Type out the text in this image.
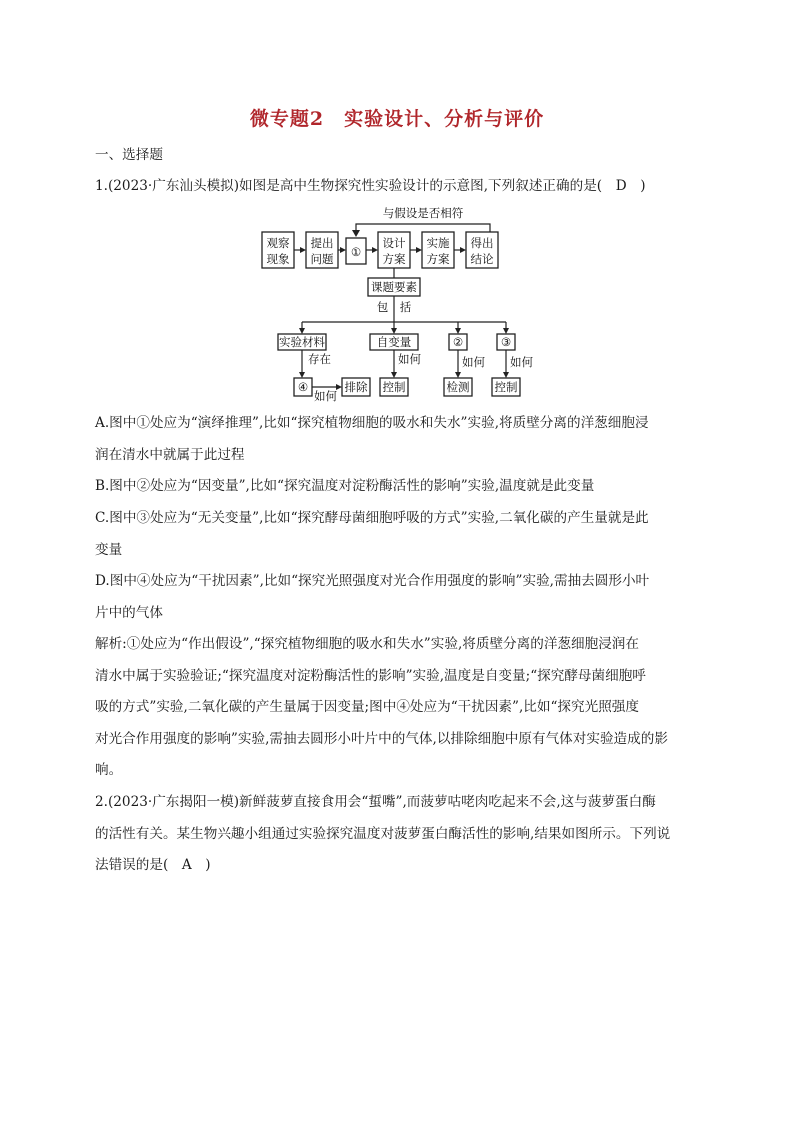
微专题2　实验设计、分析与评价
一、选择题
1.(2023·广东汕头模拟)如图是高中生物探究性实验设计的示意图,下列叙述正确的是(　D　)
与假设是否相符
观察
现象
提出
问题 ①
设计
方案
实施
方案
得出
结论
课题要素
包　括
实验材料	自变量	②	③
存在	如何	如何 如何
④
如何
排除 控制	检测 控制
A.图中①处应为“演绎推理”,比如“探究植物细胞的吸水和失水”实验,将质壁分离的洋葱细胞浸
润在清水中就属于此过程
B.图中②处应为“因变量”,比如“探究温度对淀粉酶活性的影响”实验,温度就是此变量
C.图中③处应为“无关变量”,比如“探究酵母菌细胞呼吸的方式”实验,二氧化碳的产生量就是此
变量
D.图中④处应为“干扰因素”,比如“探究光照强度对光合作用强度的影响”实验,需抽去圆形小叶
片中的气体
解析:①处应为“作出假设”,“探究植物细胞的吸水和失水”实验,将质壁分离的洋葱细胞浸润在
清水中属于实验验证;“探究温度对淀粉酶活性的影响”实验,温度是自变量;“探究酵母菌细胞呼
吸的方式”实验,二氧化碳的产生量属于因变量;图中④处应为“干扰因素”,比如“探究光照强度
对光合作用强度的影响”实验,需抽去圆形小叶片中的气体,以排除细胞中原有气体对实验造成的影
响。
2.(2023·广东揭阳一模)新鲜菠萝直接食用会“蜇嘴”,而菠萝咕咾肉吃起来不会,这与菠萝蛋白酶
的活性有关。某生物兴趣小组通过实验探究温度对菠萝蛋白酶活性的影响,结果如图所示。下列说
法错误的是(　A　)
